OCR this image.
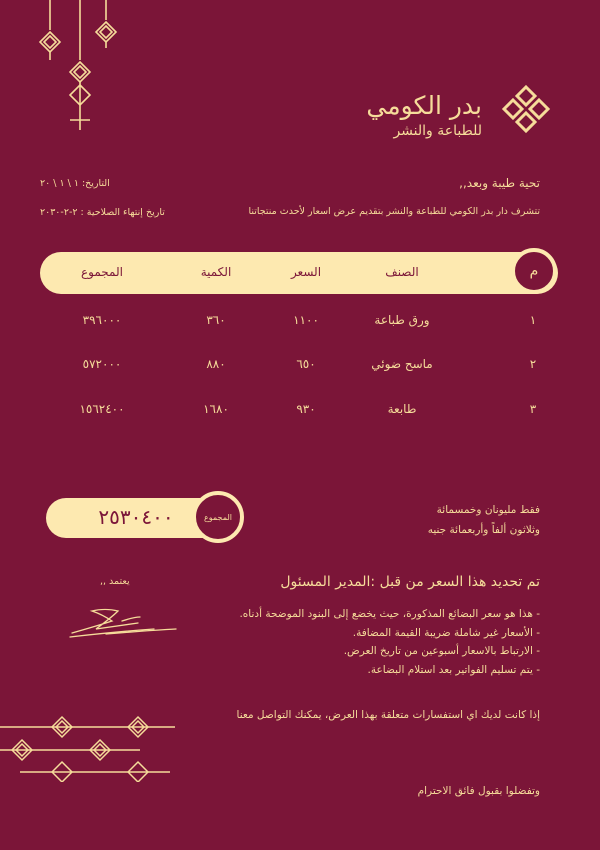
بدر الكومي
للطباعة والنشر
تحية طيبة وبعد,,
تتشرف دار بدر الكومي للطباعة والنشر بتقديم عرض اسعار لأحدث منتجاتنا
التاريخ: ١ \ ١ \ ٢٠
تاريخ إنتهاء الصلاحية : ٢-٢-٢٠٣٠
م
الصنف
السعر
الكمية
المجموع
١
ورق طباعة
١١٠٠
٣٦٠
٣٩٦٠٠٠
٢
ماسح ضوئي
٦٥٠
٨٨٠
٥٧٢٠٠٠
٣
طابعة
٩٣٠
١٦٨٠
١٥٦٢٤٠٠
المجموع
٢٥٣٠٤٠٠	فقط مليونان وخمسمائة
وثلاثون ألفاً وأربعمائة جنيه
يعتمد ,,	تم تحديد هذا السعر من قبل :المدير المسئول
- هذا هو سعر البضائع المذكورة، حيث يخضع إلى البنود الموضحة أدناه.
- الأسعار غير شاملة ضريبة القيمة المضافة.
- الارتباط بالاسعار أسبوعين من تاريخ العرض.
- يتم تسليم الفواتير بعد استلام البضاعة.
إذا كانت لديك اي استفسارات متعلقة بهذا العرض، يمكنك التواصل معنا
وتفضلوا بقبول فائق الاحترام
